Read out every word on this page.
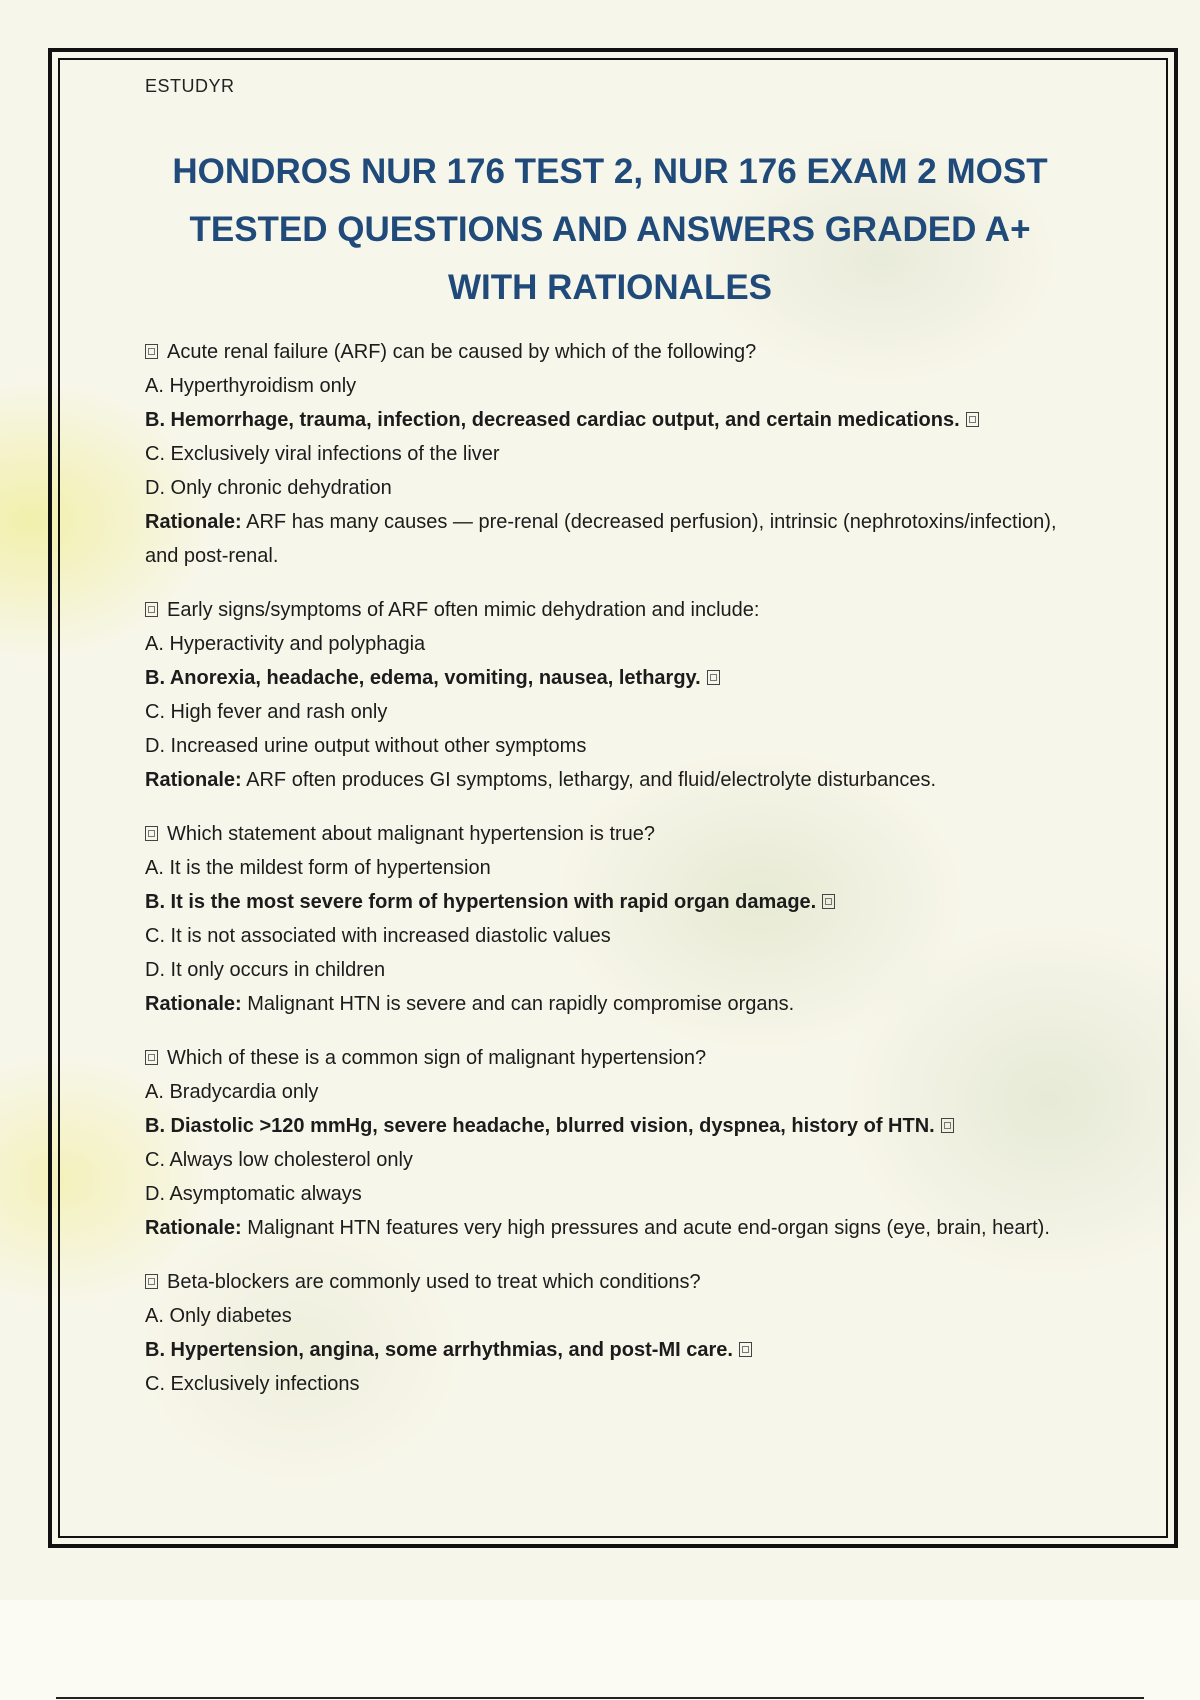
ESTUDYR
HONDROS NUR 176 TEST 2, NUR 176 EXAM 2 MOST TESTED QUESTIONS AND ANSWERS GRADED A+ WITH RATIONALES
Acute renal failure (ARF) can be caused by which of the following?
A. Hyperthyroidism only
B. Hemorrhage, trauma, infection, decreased cardiac output, and certain medications.
C. Exclusively viral infections of the liver
D. Only chronic dehydration
Rationale: ARF has many causes — pre-renal (decreased perfusion), intrinsic (nephrotoxins/infection), and post-renal.
Early signs/symptoms of ARF often mimic dehydration and include:
A. Hyperactivity and polyphagia
B. Anorexia, headache, edema, vomiting, nausea, lethargy.
C. High fever and rash only
D. Increased urine output without other symptoms
Rationale: ARF often produces GI symptoms, lethargy, and fluid/electrolyte disturbances.
Which statement about malignant hypertension is true?
A. It is the mildest form of hypertension
B. It is the most severe form of hypertension with rapid organ damage.
C. It is not associated with increased diastolic values
D. It only occurs in children
Rationale: Malignant HTN is severe and can rapidly compromise organs.
Which of these is a common sign of malignant hypertension?
A. Bradycardia only
B. Diastolic >120 mmHg, severe headache, blurred vision, dyspnea, history of HTN.
C. Always low cholesterol only
D. Asymptomatic always
Rationale: Malignant HTN features very high pressures and acute end-organ signs (eye, brain, heart).
Beta-blockers are commonly used to treat which conditions?
A. Only diabetes
B. Hypertension, angina, some arrhythmias, and post-MI care.
C. Exclusively infections
